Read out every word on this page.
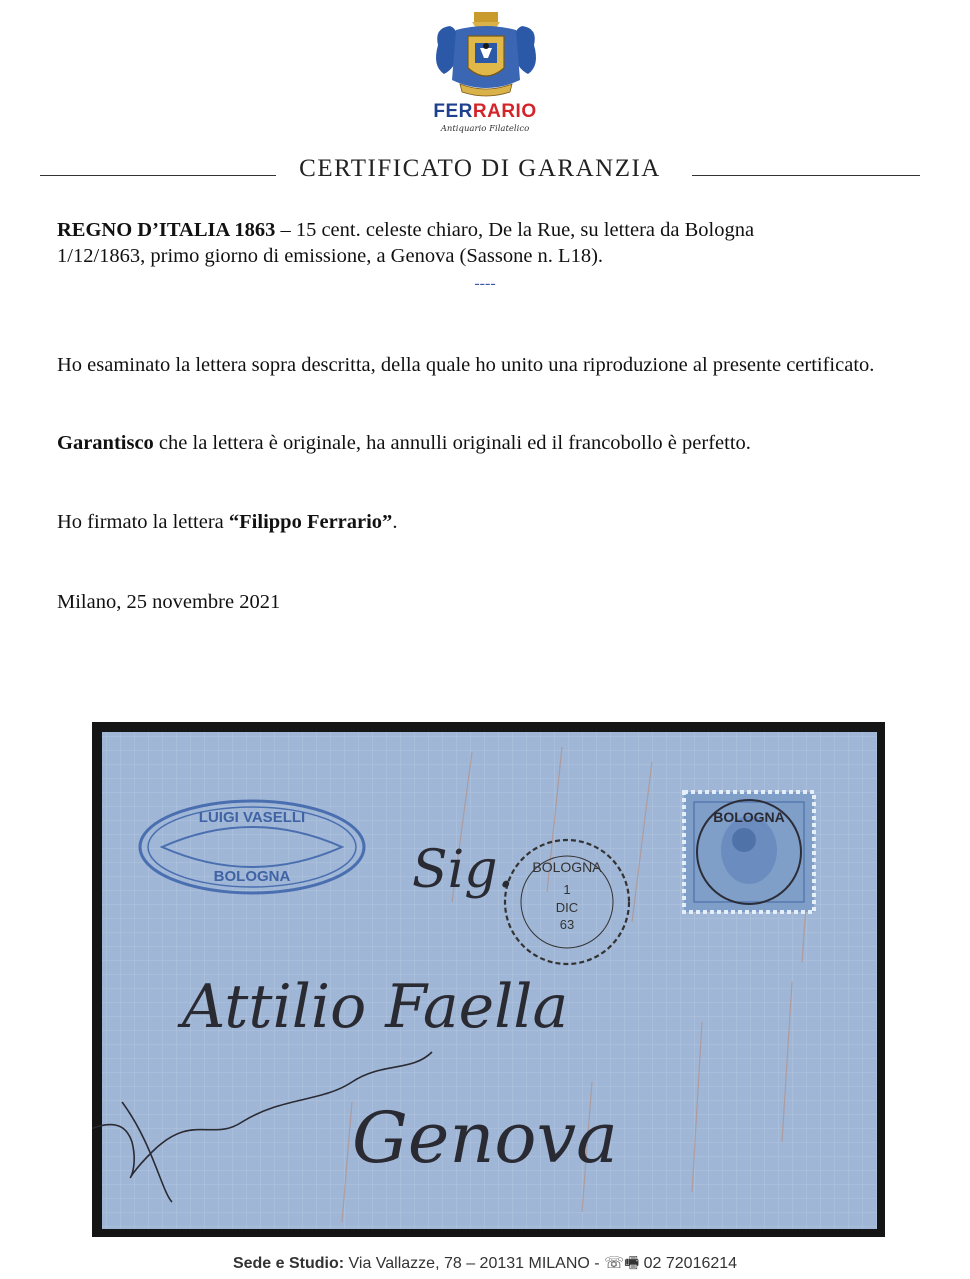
FERRARIO
Antiquario Filatelico
CERTIFICATO DI GARANZIA
REGNO D’ITALIA 1863 – 15 cent. celeste chiaro, De la Rue, su lettera da Bologna
1/12/1863, primo giorno di emissione, a Genova (Sassone n. L18).
----
Ho esaminato la lettera sopra descritta, della quale ho unito una riproduzione al presente certificato.
Garantisco che la lettera è originale, ha annulli originali ed il francobollo è perfetto.
Ho firmato la lettera “Filippo Ferrario”.
Milano, 25 novembre 2021
LUIGI VASELLI
BOLOGNA
BOLOGNA
1
DIC
63
BOLOGNA
Sig.
Attilio Faella
Genova
Sede e Studio: Via Vallazze, 78 – 20131 MILANO - ☏🖷 02 72016214
